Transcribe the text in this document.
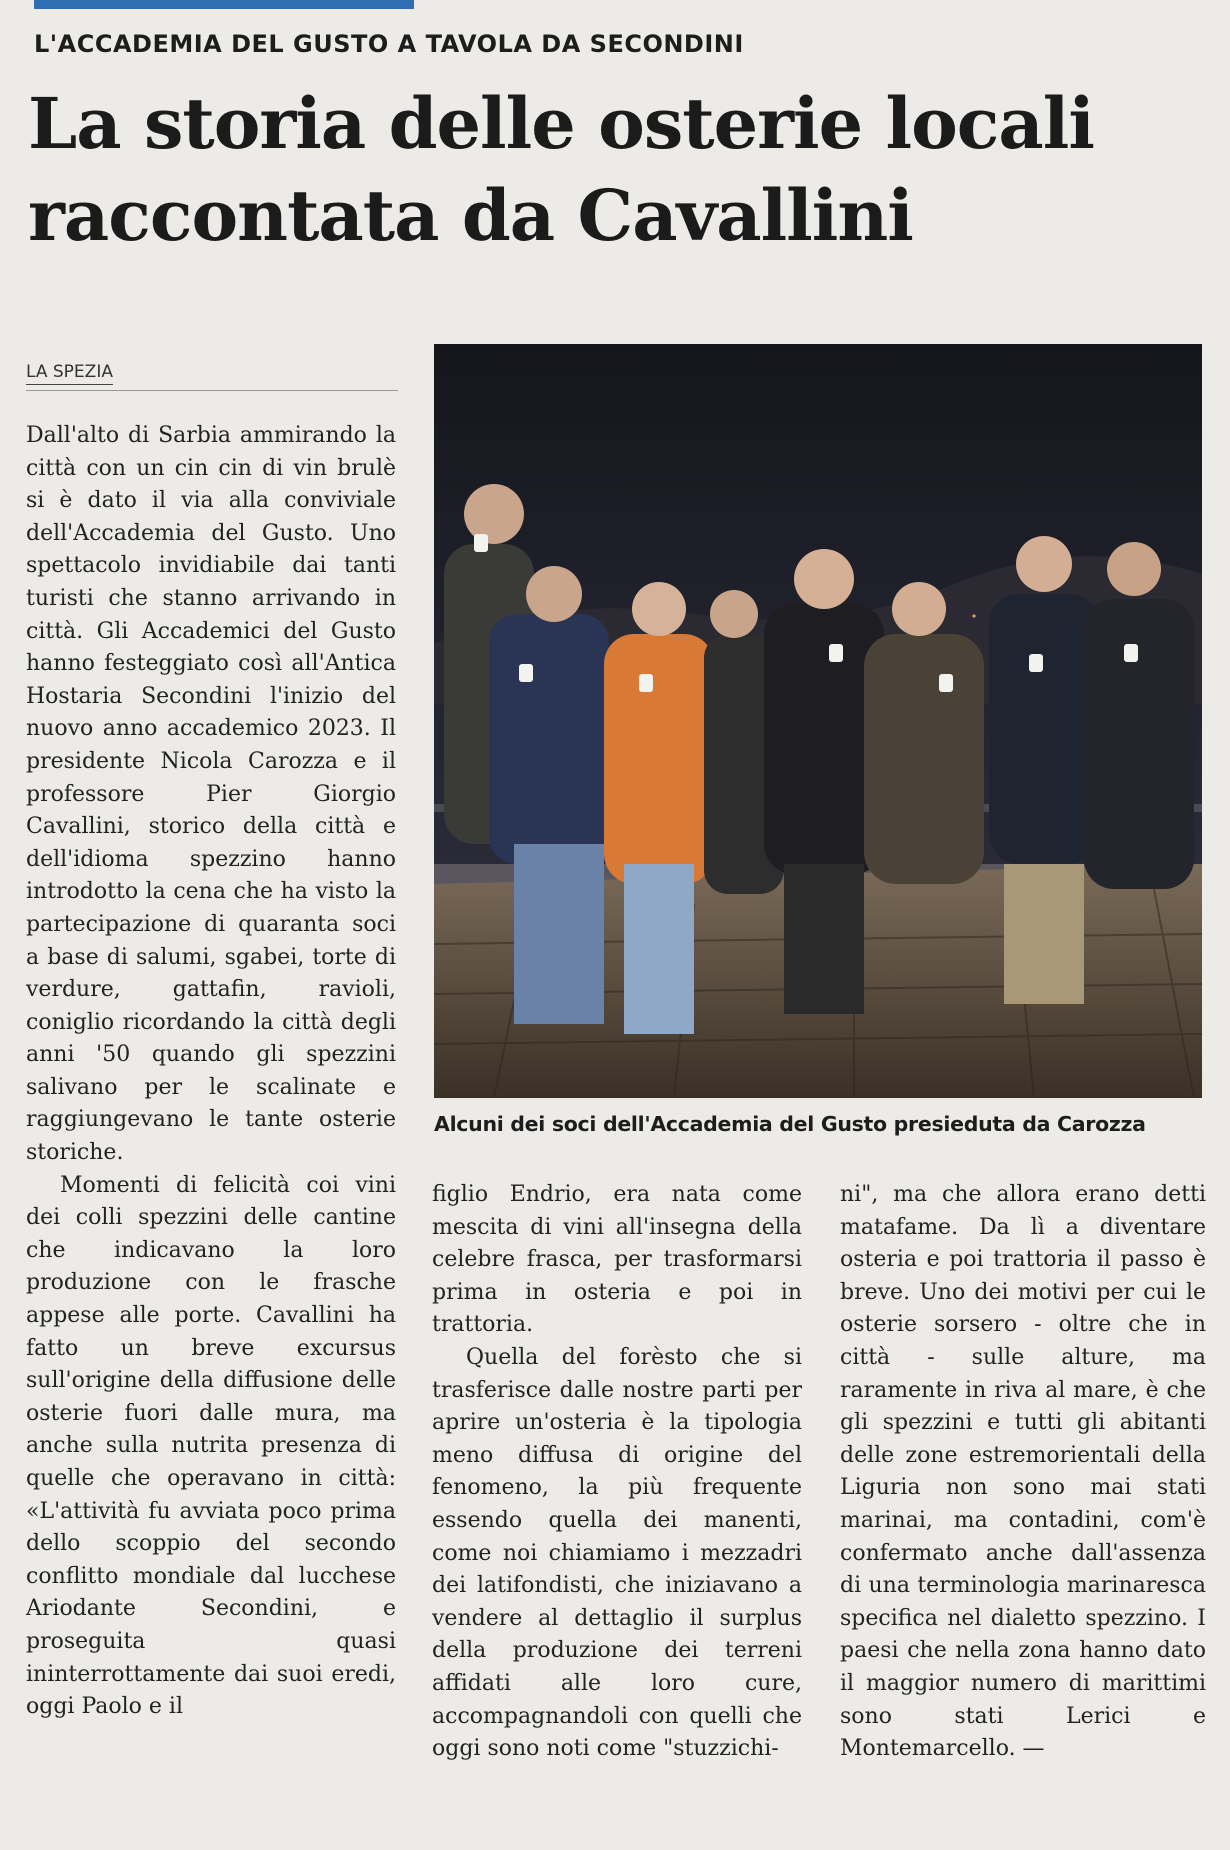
L'ACCADEMIA DEL GUSTO A TAVOLA DA SECONDINI
La storia delle osterie locali
raccontata da Cavallini
LA SPEZIA

Dall'alto di Sarbia ammirando la città con un cin cin di vin brulè si è dato il via alla conviviale dell'Accademia del Gusto. Uno spettacolo invidiabile dai tanti turisti che stanno arrivando in città. Gli Accademici del Gusto hanno festeggiato così all'Antica Hostaria Secondini l'inizio del nuovo anno accademico 2023. Il presidente Nicola Carozza e il professore Pier Giorgio Cavallini, storico della città e dell'idioma spezzino hanno introdotto la cena che ha visto la partecipazione di quaranta soci a base di salumi, sgabei, torte di verdure, gattafin, ravioli, coniglio ricordando la città degli anni '50 quando gli spezzini salivano per le scalinate e raggiungevano le tante osterie storiche.

Momenti di felicità coi vini dei colli spezzini delle cantine che indicavano la loro produzione con le frasche appese alle porte. Cavallini ha fatto un breve excursus sull'origine della diffusione delle osterie fuori dalle mura, ma anche sulla nutrita presenza di quelle che operavano in città: «L'attività fu avviata poco prima dello scoppio del secondo conflitto mondiale dal lucchese Ariodante Secondini, e proseguita quasi ininterrottamente dai suoi eredi, oggi Paolo e il

Alcuni dei soci dell'Accademia del Gusto presieduta da Carozza

figlio Endrio, era nata come mescita di vini all'insegna della celebre frasca, per trasformarsi prima in osteria e poi in trattoria.

Quella del forèsto che si trasferisce dalle nostre parti per aprire un'osteria è la tipologia meno diffusa di origine del fenomeno, la più frequente essendo quella dei manenti, come noi chiamiamo i mezzadri dei latifondisti, che iniziavano a vendere al dettaglio il surplus della produzione dei terreni affidati alle loro cure, accompagnandoli con quelli che oggi sono noti come "stuzzichi-

ni", ma che allora erano detti matafame. Da lì a diventare osteria e poi trattoria il passo è breve. Uno dei motivi per cui le osterie sorsero - oltre che in città - sulle alture, ma raramente in riva al mare, è che gli spezzini e tutti gli abitanti delle zone estremorientali della Liguria non sono mai stati marinai, ma contadini, com'è confermato anche dall'assenza di una terminologia marinaresca specifica nel dialetto spezzino. I paesi che nella zona hanno dato il maggior numero di marittimi sono stati Lerici e Montemarcello. —
